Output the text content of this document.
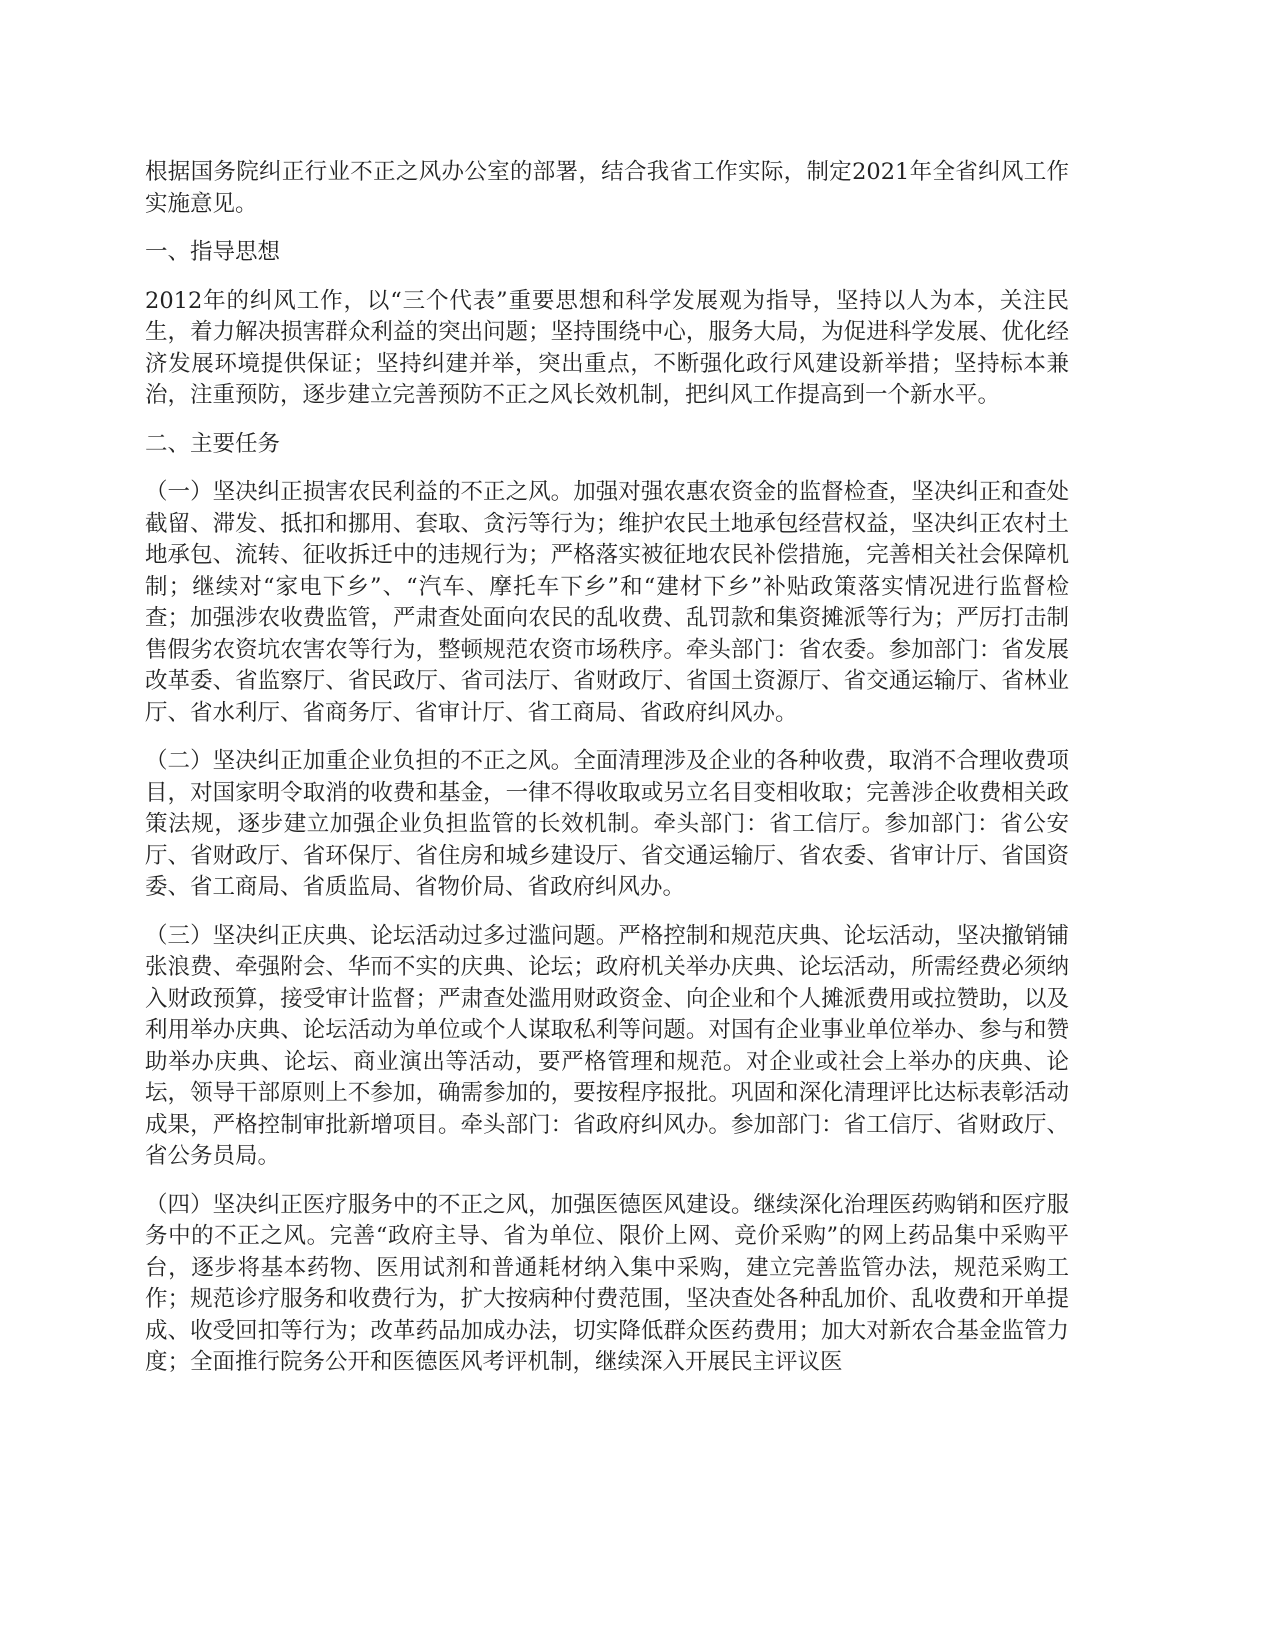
根据国务院纠正行业不正之风办公室的部署，结合我省工作实际，制定2021年全省纠风工作实施意见。

一、指导思想

2012年的纠风工作，以“三个代表”重要思想和科学发展观为指导，坚持以人为本，关注民生，着力解决损害群众利益的突出问题；坚持围绕中心，服务大局，为促进科学发展、优化经济发展环境提供保证；坚持纠建并举，突出重点，不断强化政行风建设新举措；坚持标本兼治，注重预防，逐步建立完善预防不正之风长效机制，把纠风工作提高到一个新水平。

二、主要任务

（一）坚决纠正损害农民利益的不正之风。加强对强农惠农资金的监督检查，坚决纠正和查处截留、滞发、抵扣和挪用、套取、贪污等行为；维护农民土地承包经营权益，坚决纠正农村土地承包、流转、征收拆迁中的违规行为；严格落实被征地农民补偿措施，完善相关社会保障机制；继续对“家电下乡”、“汽车、摩托车下乡”和“建材下乡”补贴政策落实情况进行监督检查；加强涉农收费监管，严肃查处面向农民的乱收费、乱罚款和集资摊派等行为；严厉打击制售假劣农资坑农害农等行为，整顿规范农资市场秩序。牵头部门：省农委。参加部门：省发展改革委、省监察厅、省民政厅、省司法厅、省财政厅、省国土资源厅、省交通运输厅、省林业厅、省水利厅、省商务厅、省审计厅、省工商局、省政府纠风办。

（二）坚决纠正加重企业负担的不正之风。全面清理涉及企业的各种收费，取消不合理收费项目，对国家明令取消的收费和基金，一律不得收取或另立名目变相收取；完善涉企收费相关政策法规，逐步建立加强企业负担监管的长效机制。牵头部门：省工信厅。参加部门：省公安厅、省财政厅、省环保厅、省住房和城乡建设厅、省交通运输厅、省农委、省审计厅、省国资委、省工商局、省质监局、省物价局、省政府纠风办。

（三）坚决纠正庆典、论坛活动过多过滥问题。严格控制和规范庆典、论坛活动，坚决撤销铺张浪费、牵强附会、华而不实的庆典、论坛；政府机关举办庆典、论坛活动，所需经费必须纳入财政预算，接受审计监督；严肃查处滥用财政资金、向企业和个人摊派费用或拉赞助，以及利用举办庆典、论坛活动为单位或个人谋取私利等问题。对国有企业事业单位举办、参与和赞助举办庆典、论坛、商业演出等活动，要严格管理和规范。对企业或社会上举办的庆典、论坛，领导干部原则上不参加，确需参加的，要按程序报批。巩固和深化清理评比达标表彰活动成果，严格控制审批新增项目。牵头部门：省政府纠风办。参加部门：省工信厅、省财政厅、省公务员局。

（四）坚决纠正医疗服务中的不正之风，加强医德医风建设。继续深化治理医药购销和医疗服务中的不正之风。完善“政府主导、省为单位、限价上网、竞价采购”的网上药品集中采购平台，逐步将基本药物、医用试剂和普通耗材纳入集中采购，建立完善监管办法，规范采购工作；规范诊疗服务和收费行为，扩大按病种付费范围，坚决查处各种乱加价、乱收费和开单提成、收受回扣等行为；改革药品加成办法，切实降低群众医药费用；加大对新农合基金监管力度；全面推行院务公开和医德医风考评机制，继续深入开展民主评议医
